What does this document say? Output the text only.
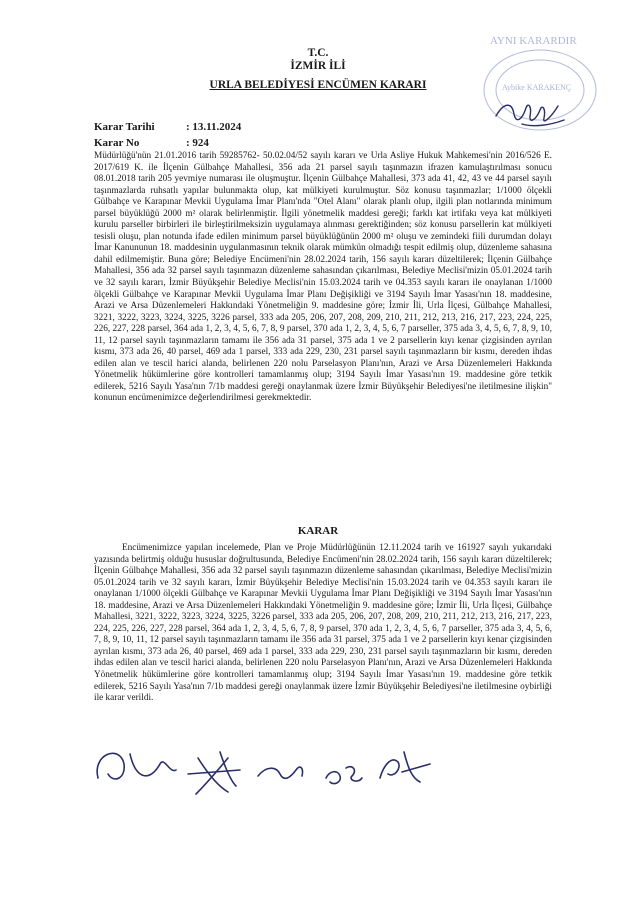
T.C.
İZMİR İLİ
URLA BELEDİYESİ ENCÜMEN KARARI
AYNI KARARDIR
Aybike KARAKENÇ
Karar Tarihi	: 13.11.2024
Karar No	: 924
Müdürlüğü'nün 21.01.2016 tarih 59285762- 50.02.04/52 sayılı kararı ve Urla Asliye Hukuk Mahkemesi'nin 2016/526 E. 2017/619 K. ile İlçenin Gülbahçe Mahallesi, 356 ada 21 parsel sayılı taşınmazın ifrazen kamulaştırılması sonucu 08.01.2018 tarih 205 yevmiye numarası ile oluşmuştur. İlçenin Gülbahçe Mahallesi, 373 ada 41, 42, 43 ve 44 parsel sayılı taşınmazlarda ruhsatlı yapılar bulunmakta olup, kat mülkiyeti kurulmuştur. Söz konusu taşınmazlar; 1/1000 ölçekli Gülbahçe ve Karapınar Mevkii Uygulama İmar Planı'nda "Otel Alanı" olarak planlı olup, ilgili plan notlarında minimum parsel büyüklüğü 2000 m² olarak belirlenmiştir. İlgili yönetmelik maddesi gereği; farklı kat irtifakı veya kat mülkiyeti kurulu parseller birbirleri ile birleştirilmeksizin uygulamaya alınması gerektiğinden; söz konusu parsellerin kat mülkiyeti tesisli oluşu, plan notunda ifade edilen minimum parsel büyüklüğünün 2000 m² oluşu ve zemindeki fiili durumdan dolayı İmar Kanununun 18. maddesinin uygulanmasının teknik olarak mümkün olmadığı tespit edilmiş olup, düzenleme sahasına dahil edilmemiştir. Buna göre; Belediye Encümeni'nin 28.02.2024 tarih, 156 sayılı kararı düzeltilerek; İlçenin Gülbahçe Mahallesi, 356 ada 32 parsel sayılı taşınmazın düzenleme sahasından çıkarılması, Belediye Meclisi'mizin 05.01.2024 tarih ve 32 sayılı kararı, İzmir Büyükşehir Belediye Meclisi'nin 15.03.2024 tarih ve 04.353 sayılı kararı ile onaylanan 1/1000 ölçekli Gülbahçe ve Karapınar Mevkii Uygulama İmar Planı Değişikliği ve 3194 Sayılı İmar Yasası'nın 18. maddesine, Arazi ve Arsa Düzenlemeleri Hakkındaki Yönetmeliğin 9. maddesine göre; İzmir İli, Urla İlçesi, Gülbahçe Mahallesi, 3221, 3222, 3223, 3224, 3225, 3226 parsel, 333 ada 205, 206, 207, 208, 209, 210, 211, 212, 213, 216, 217, 223, 224, 225, 226, 227, 228 parsel, 364 ada 1, 2, 3, 4, 5, 6, 7, 8, 9 parsel, 370 ada 1, 2, 3, 4, 5, 6, 7 parseller, 375 ada 3, 4, 5, 6, 7, 8, 9, 10, 11, 12 parsel sayılı taşınmazların tamamı ile 356 ada 31 parsel, 375 ada 1 ve 2 parsellerin kıyı kenar çizgisinden ayrılan kısmı, 373 ada 26, 40 parsel, 469 ada 1 parsel, 333 ada 229, 230, 231 parsel sayılı taşınmazların bir kısmı, dereden ihdas edilen alan ve tescil harici alanda, belirlenen 220 nolu Parselasyon Planı'nın, Arazi ve Arsa Düzenlemeleri Hakkında Yönetmelik hükümlerine göre kontrolleri tamamlanmış olup; 3194 Sayılı İmar Yasası'nın 19. maddesine göre tetkik edilerek, 5216 Sayılı Yasa'nın 7/1b maddesi gereği onaylanmak üzere İzmir Büyükşehir Belediyesi'ne iletilmesine ilişkin" konunun encümenimizce değerlendirilmesi gerekmektedir.
KARAR
Encümenimizce yapılan incelemede, Plan ve Proje Müdürlüğünün 12.11.2024 tarih ve 161927 sayılı yukarıdaki yazısında belirtmiş olduğu hususlar doğrultusunda, Belediye Encümeni'nin 28.02.2024 tarih, 156 sayılı kararı düzeltilerek; İlçenin Gülbahçe Mahallesi, 356 ada 32 parsel sayılı taşınmazın düzenleme sahasından çıkarılması, Belediye Meclisi'mizin 05.01.2024 tarih ve 32 sayılı kararı, İzmir Büyükşehir Belediye Meclisi'nin 15.03.2024 tarih ve 04.353 sayılı kararı ile onaylanan 1/1000 ölçekli Gülbahçe ve Karapınar Mevkii Uygulama İmar Planı Değişikliği ve 3194 Sayılı İmar Yasası'nın 18. maddesine, Arazi ve Arsa Düzenlemeleri Hakkındaki Yönetmeliğin 9. maddesine göre; İzmir İli, Urla İlçesi, Gülbahçe Mahallesi, 3221, 3222, 3223, 3224, 3225, 3226 parsel, 333 ada 205, 206, 207, 208, 209, 210, 211, 212, 213, 216, 217, 223, 224, 225, 226, 227, 228 parsel, 364 ada 1, 2, 3, 4, 5, 6, 7, 8, 9 parsel, 370 ada 1, 2, 3, 4, 5, 6, 7 parseller, 375 ada 3, 4, 5, 6, 7, 8, 9, 10, 11, 12 parsel sayılı taşınmazların tamamı ile 356 ada 31 parsel, 375 ada 1 ve 2 parsellerin kıyı kenar çizgisinden ayrılan kısmı, 373 ada 26, 40 parsel, 469 ada 1 parsel, 333 ada 229, 230, 231 parsel sayılı taşınmazların bir kısmı, dereden ihdas edilen alan ve tescil harici alanda, belirlenen 220 nolu Parselasyon Planı'nın, Arazi ve Arsa Düzenlemeleri Hakkında Yönetmelik hükümlerine göre kontrolleri tamamlanmış olup; 3194 Sayılı İmar Yasası'nın 19. maddesine göre tetkik edilerek, 5216 Sayılı Yasa'nın 7/1b maddesi gereği onaylanmak üzere İzmir Büyükşehir Belediyesi'ne iletilmesine oybirliği ile karar verildi.
